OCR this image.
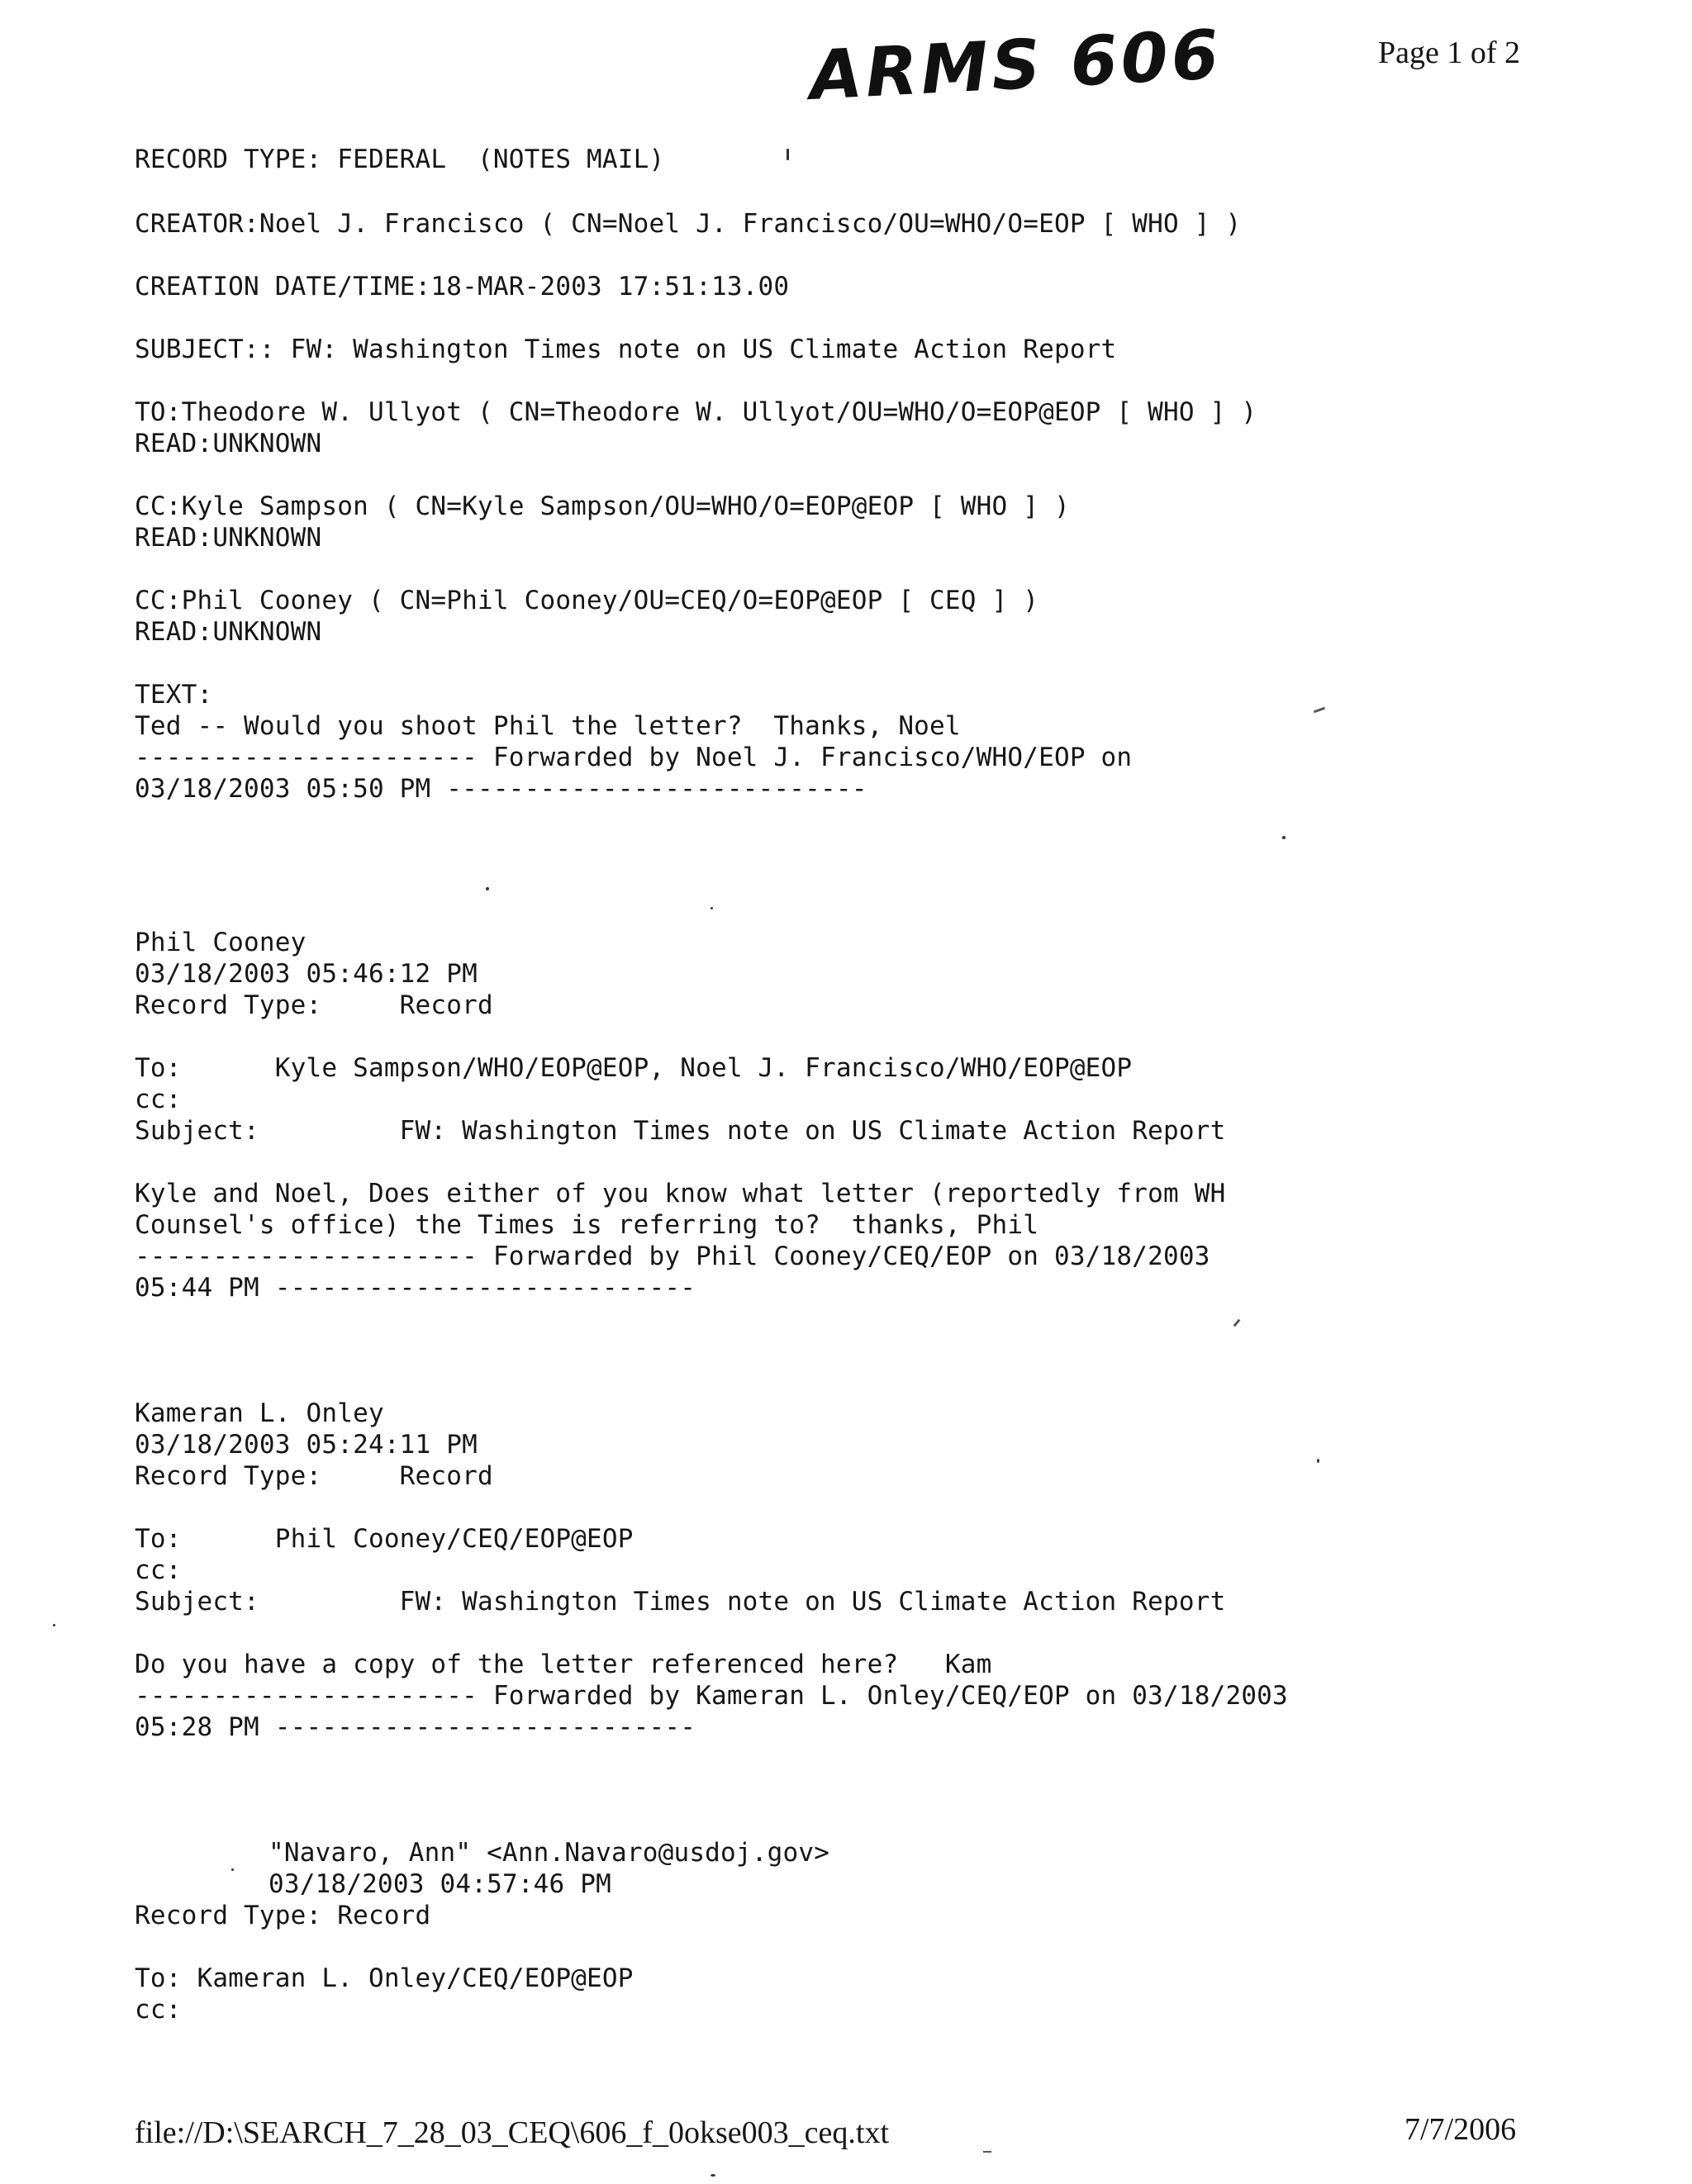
ARMS 606	Page 1 of 2
RECORD TYPE: FEDERAL  (NOTES MAIL)
CREATOR:Noel J. Francisco ( CN=Noel J. Francisco/OU=WHO/O=EOP [ WHO ] )
CREATION DATE/TIME:18-MAR-2003 17:51:13.00
SUBJECT:: FW: Washington Times note on US Climate Action Report
TO:Theodore W. Ullyot ( CN=Theodore W. Ullyot/OU=WHO/O=EOP@EOP [ WHO ] )
READ:UNKNOWN
CC:Kyle Sampson ( CN=Kyle Sampson/OU=WHO/O=EOP@EOP [ WHO ] )
READ:UNKNOWN
CC:Phil Cooney ( CN=Phil Cooney/OU=CEQ/O=EOP@EOP [ CEQ ] )
READ:UNKNOWN
TEXT:
Ted -- Would you shoot Phil the letter?  Thanks, Noel
---------------------- Forwarded by Noel J. Francisco/WHO/EOP on
03/18/2003 05:50 PM ---------------------------
Phil Cooney
03/18/2003 05:46:12 PM
Record Type:     Record
To:      Kyle Sampson/WHO/EOP@EOP, Noel J. Francisco/WHO/EOP@EOP
cc:
Subject:         FW: Washington Times note on US Climate Action Report
Kyle and Noel, Does either of you know what letter (reportedly from WH
Counsel's office) the Times is referring to?  thanks, Phil
---------------------- Forwarded by Phil Cooney/CEQ/EOP on 03/18/2003
05:44 PM ---------------------------
Kameran L. Onley
03/18/2003 05:24:11 PM
Record Type:     Record
To:      Phil Cooney/CEQ/EOP@EOP
cc:
Subject:         FW: Washington Times note on US Climate Action Report
Do you have a copy of the letter referenced here?   Kam
---------------------- Forwarded by Kameran L. Onley/CEQ/EOP on 03/18/2003
05:28 PM ---------------------------
"Navaro, Ann" <Ann.Navaro@usdoj.gov>
03/18/2003 04:57:46 PM
Record Type: Record
To: Kameran L. Onley/CEQ/EOP@EOP
cc:
file://D:\SEARCH_7_28_03_CEQ\606_f_0okse003_ceq.txt	7/7/2006
